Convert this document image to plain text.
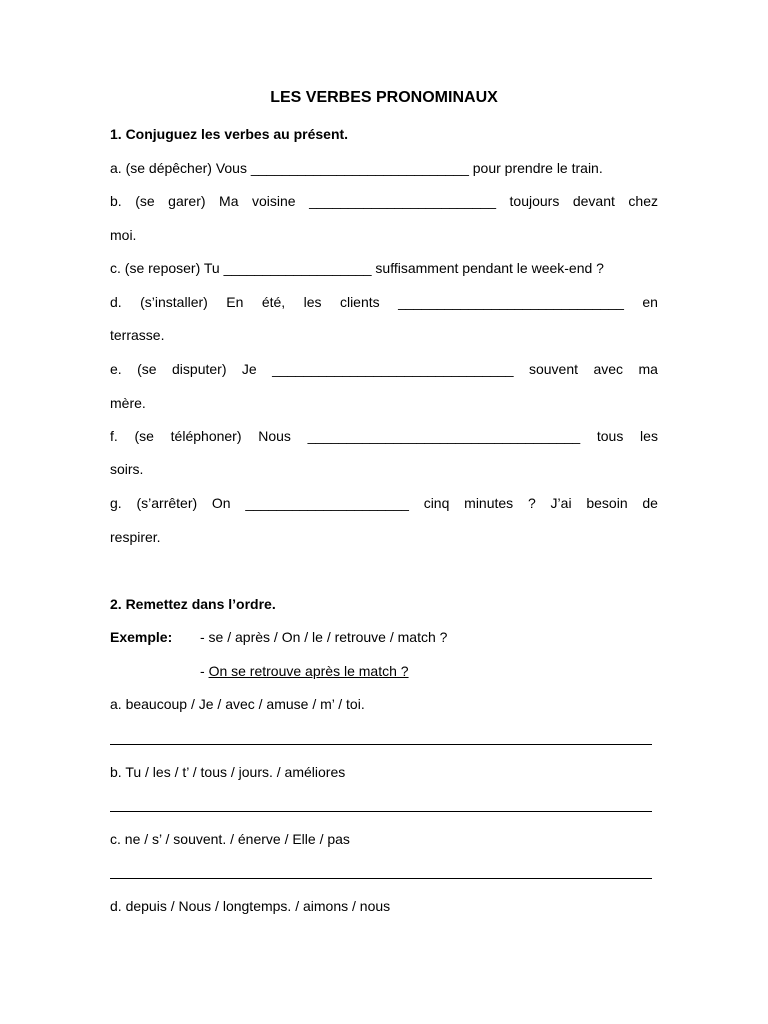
LES VERBES PRONOMINAUX

1. Conjuguez les verbes au présent.

a. (se dépêcher) Vous ____________________________ pour prendre le train.

b. (se garer) Ma voisine ________________________ toujours devant chez

moi.

c. (se reposer) Tu ___________________ suffisamment pendant le week-end ?

d. (s’installer) En été, les clients _____________________________ en

terrasse.

e. (se disputer) Je _______________________________ souvent avec ma

mère.

f. (se téléphoner) Nous ___________________________________ tous les

soirs.

g. (s’arrêter) On _____________________ cinq minutes ? J’ai besoin de

respirer.

2. Remettez dans l’ordre.

Exemple: - se / après / On / le / retrouve / match ?

- On se retrouve après le match ?

a. beaucoup / Je / avec / amuse / m’ / toi.

b. Tu / les / t’ / tous / jours. / améliores

c. ne / s’ / souvent. / énerve / Elle / pas

d. depuis / Nous / longtemps. / aimons / nous
